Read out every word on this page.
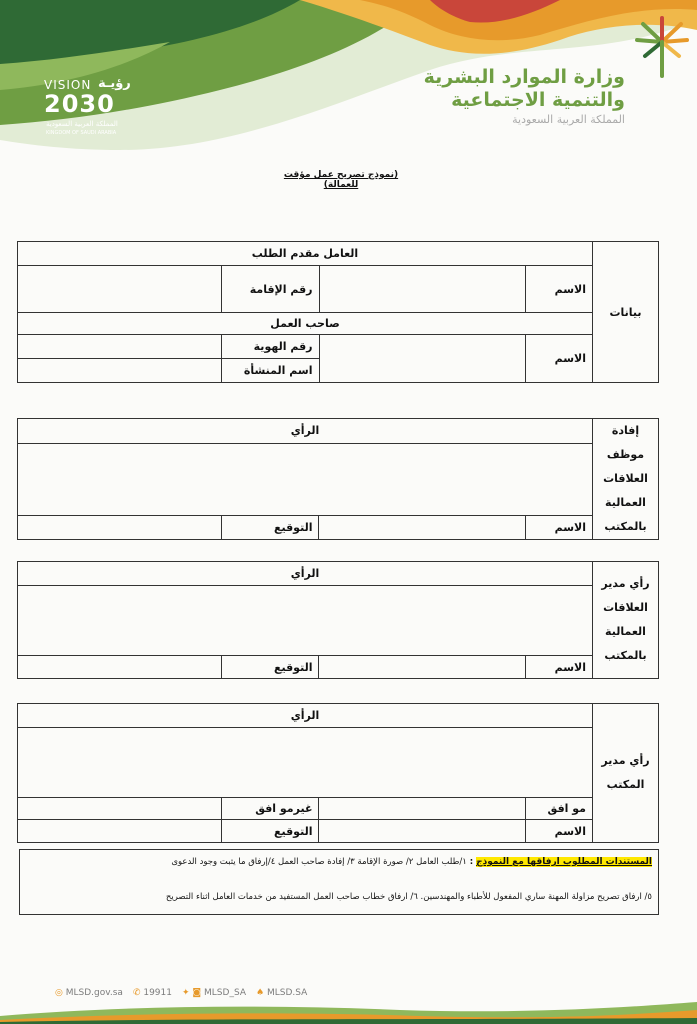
VISION رؤيـة
2030
المملكة العربية السعودية
KINGDOM OF SAUDI ARABIA
وزارة الموارد البشرية
والتنمية الاجتماعية
المملكة العربية السعودية
(نموذج تصريح عمل مؤقت للعمالة)
العامل مقدم الطلب				بيانات
	رقم الإقامة		الاسم	
صاحب العمل				
	رقم الهوية		الاسم	
	اسم المنشأة			
الرأي				إفادة
موظف
العلاقات
العمالية
بالمكتب

	التوقيع		الاسم	
الرأي				رأي مدير
العلاقات
العمالية
بالمكتب

	التوقيع		الاسم	
الرأي				رأي مدير
المكتب

	غيرمو افق		مو افق	
	التوقيع		الاسم	
المستندات المطلوب ارفاقها مع النموذج : ١/طلب العامل ٢/ صورة الإقامة ٣/ إفادة صاحب العمل ٤/إرفاق ما يثبت وجود الدعوى
٥/ ارفاق تصريح مزاولة المهنة ساري المفعول للأطباء والمهندسين. ٦/ ارفاق خطاب صاحب العمل المستفيد من خدمات العامل اثناء التصريح
◎ MLSD.gov.sa ✆ 19911 ✦ ◙ MLSD_SA ♠ MLSD.SA
